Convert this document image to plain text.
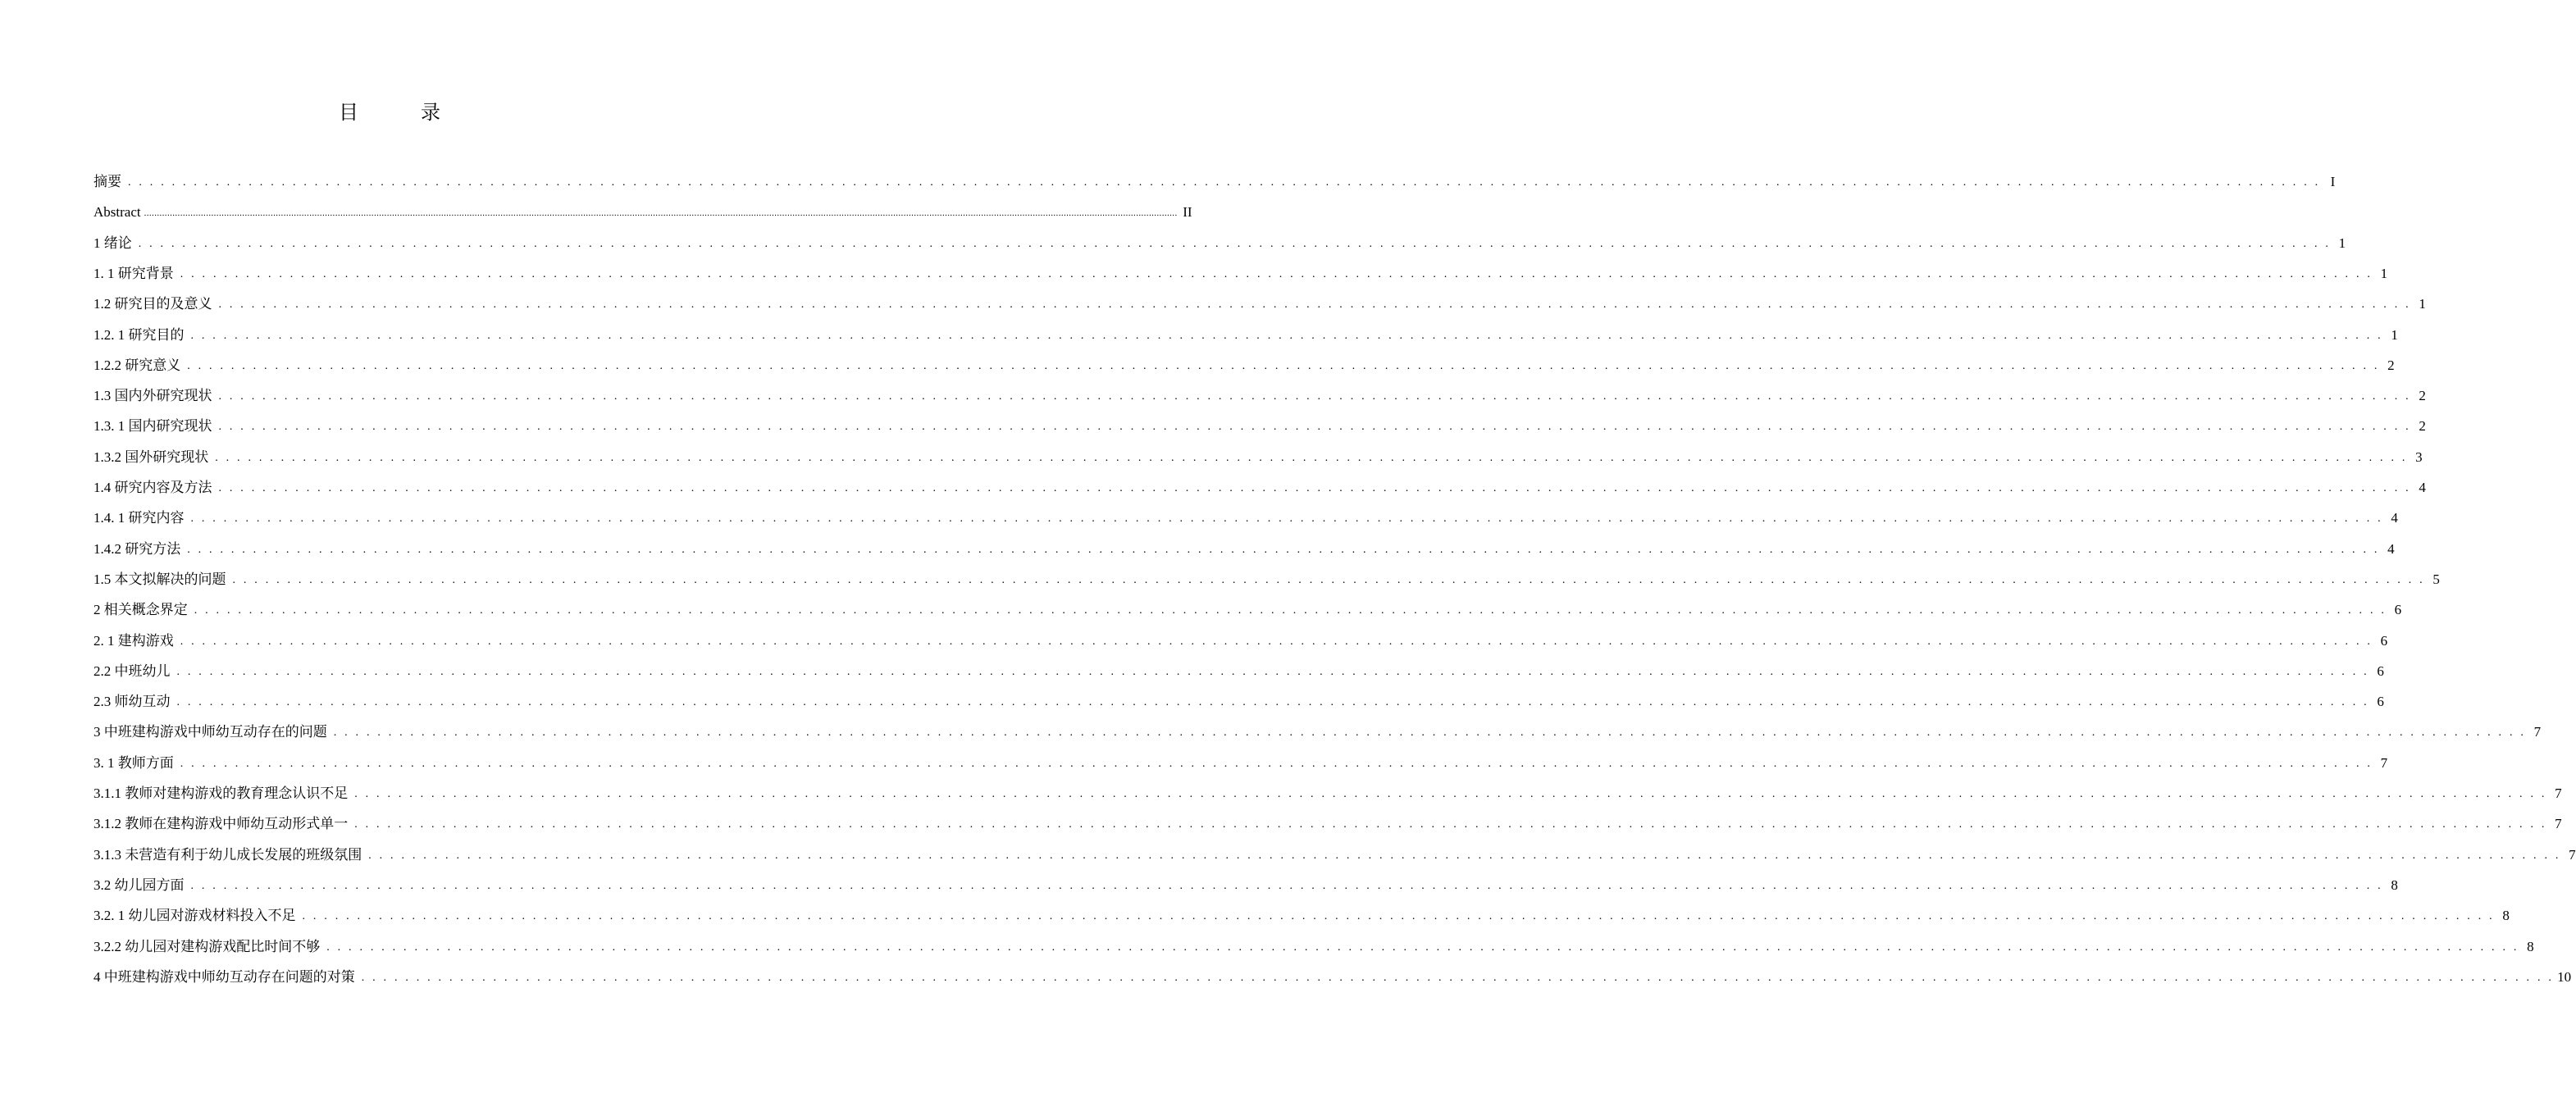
目　录
摘要 . . . . . . . . . . . . . . . . . . . . . . . . . . . . . . . . . . . . . . . . . . . . . . . . . . . . . . . . . . . . . . . . . . . . . . . . . . . . . . . . . . . . . . . . . . . . . . . . . . . . . . . . . . . . . . . . . . . . . . . . . . . . . . . . . . . . . . . . . . . . . . . . . . . . . . . . . . . . . . . . . . . . . . . . . . . . . . . . . . . . . . . . . . . . . . . . . . . . . . . . I
Abstract ................................................................................................................................................................................................................................................................................................................................................................................................................ II
1 绪论 . . . . . . . . . . . . . . . . . . . . . . . . . . . . . . . . . . . . . . . . . . . . . . . . . . . . . . . . . . . . . . . . . . . . . . . . . . . . . . . . . . . . . . . . . . . . . . . . . . . . . . . . . . . . . . . . . . . . . . . . . . . . . . . . . . . . . . . . . . . . . . . . . . . . . . . . . . . . . . . . . . . . . . . . . . . . . . . . . . . . . . . . . . . . . . . . . . . . . . . . 1
1. 1 研究背景 . . . . . . . . . . . . . . . . . . . . . . . . . . . . . . . . . . . . . . . . . . . . . . . . . . . . . . . . . . . . . . . . . . . . . . . . . . . . . . . . . . . . . . . . . . . . . . . . . . . . . . . . . . . . . . . . . . . . . . . . . . . . . . . . . . . . . . . . . . . . . . . . . . . . . . . . . . . . . . . . . . . . . . . . . . . . . . . . . . . . . . . . . . . . . . . . . . . . . . . . 1
1.2 研究目的及意义 . . . . . . . . . . . . . . . . . . . . . . . . . . . . . . . . . . . . . . . . . . . . . . . . . . . . . . . . . . . . . . . . . . . . . . . . . . . . . . . . . . . . . . . . . . . . . . . . . . . . . . . . . . . . . . . . . . . . . . . . . . . . . . . . . . . . . . . . . . . . . . . . . . . . . . . . . . . . . . . . . . . . . . . . . . . . . . . . . . . . . . . . . . . . . . . . . . . . . . . . 1
1.2. 1 研究目的 . . . . . . . . . . . . . . . . . . . . . . . . . . . . . . . . . . . . . . . . . . . . . . . . . . . . . . . . . . . . . . . . . . . . . . . . . . . . . . . . . . . . . . . . . . . . . . . . . . . . . . . . . . . . . . . . . . . . . . . . . . . . . . . . . . . . . . . . . . . . . . . . . . . . . . . . . . . . . . . . . . . . . . . . . . . . . . . . . . . . . . . . . . . . . . . . . . . . . . . . 1
1.2.2 研究意义 . . . . . . . . . . . . . . . . . . . . . . . . . . . . . . . . . . . . . . . . . . . . . . . . . . . . . . . . . . . . . . . . . . . . . . . . . . . . . . . . . . . . . . . . . . . . . . . . . . . . . . . . . . . . . . . . . . . . . . . . . . . . . . . . . . . . . . . . . . . . . . . . . . . . . . . . . . . . . . . . . . . . . . . . . . . . . . . . . . . . . . . . . . . . . . . . . . . . . . . . 2
1.3 国内外研究现状 . . . . . . . . . . . . . . . . . . . . . . . . . . . . . . . . . . . . . . . . . . . . . . . . . . . . . . . . . . . . . . . . . . . . . . . . . . . . . . . . . . . . . . . . . . . . . . . . . . . . . . . . . . . . . . . . . . . . . . . . . . . . . . . . . . . . . . . . . . . . . . . . . . . . . . . . . . . . . . . . . . . . . . . . . . . . . . . . . . . . . . . . . . . . . . . . . . . . . . . . 2
1.3. 1 国内研究现状 . . . . . . . . . . . . . . . . . . . . . . . . . . . . . . . . . . . . . . . . . . . . . . . . . . . . . . . . . . . . . . . . . . . . . . . . . . . . . . . . . . . . . . . . . . . . . . . . . . . . . . . . . . . . . . . . . . . . . . . . . . . . . . . . . . . . . . . . . . . . . . . . . . . . . . . . . . . . . . . . . . . . . . . . . . . . . . . . . . . . . . . . . . . . . . . . . . . . . . . . 2
1.3.2 国外研究现状 . . . . . . . . . . . . . . . . . . . . . . . . . . . . . . . . . . . . . . . . . . . . . . . . . . . . . . . . . . . . . . . . . . . . . . . . . . . . . . . . . . . . . . . . . . . . . . . . . . . . . . . . . . . . . . . . . . . . . . . . . . . . . . . . . . . . . . . . . . . . . . . . . . . . . . . . . . . . . . . . . . . . . . . . . . . . . . . . . . . . . . . . . . . . . . . . . . . . . . . . 3
1.4 研究内容及方法 . . . . . . . . . . . . . . . . . . . . . . . . . . . . . . . . . . . . . . . . . . . . . . . . . . . . . . . . . . . . . . . . . . . . . . . . . . . . . . . . . . . . . . . . . . . . . . . . . . . . . . . . . . . . . . . . . . . . . . . . . . . . . . . . . . . . . . . . . . . . . . . . . . . . . . . . . . . . . . . . . . . . . . . . . . . . . . . . . . . . . . . . . . . . . . . . . . . . . . . . 4
1.4. 1 研究内容 . . . . . . . . . . . . . . . . . . . . . . . . . . . . . . . . . . . . . . . . . . . . . . . . . . . . . . . . . . . . . . . . . . . . . . . . . . . . . . . . . . . . . . . . . . . . . . . . . . . . . . . . . . . . . . . . . . . . . . . . . . . . . . . . . . . . . . . . . . . . . . . . . . . . . . . . . . . . . . . . . . . . . . . . . . . . . . . . . . . . . . . . . . . . . . . . . . . . . . . . 4
1.4.2 研究方法 . . . . . . . . . . . . . . . . . . . . . . . . . . . . . . . . . . . . . . . . . . . . . . . . . . . . . . . . . . . . . . . . . . . . . . . . . . . . . . . . . . . . . . . . . . . . . . . . . . . . . . . . . . . . . . . . . . . . . . . . . . . . . . . . . . . . . . . . . . . . . . . . . . . . . . . . . . . . . . . . . . . . . . . . . . . . . . . . . . . . . . . . . . . . . . . . . . . . . . . . 4
1.5 本文拟解决的问题 . . . . . . . . . . . . . . . . . . . . . . . . . . . . . . . . . . . . . . . . . . . . . . . . . . . . . . . . . . . . . . . . . . . . . . . . . . . . . . . . . . . . . . . . . . . . . . . . . . . . . . . . . . . . . . . . . . . . . . . . . . . . . . . . . . . . . . . . . . . . . . . . . . . . . . . . . . . . . . . . . . . . . . . . . . . . . . . . . . . . . . . . . . . . . . . . . . . . . . . . 5
2 相关概念界定 . . . . . . . . . . . . . . . . . . . . . . . . . . . . . . . . . . . . . . . . . . . . . . . . . . . . . . . . . . . . . . . . . . . . . . . . . . . . . . . . . . . . . . . . . . . . . . . . . . . . . . . . . . . . . . . . . . . . . . . . . . . . . . . . . . . . . . . . . . . . . . . . . . . . . . . . . . . . . . . . . . . . . . . . . . . . . . . . . . . . . . . . . . . . . . . . . . . . . . . . 6
2. 1 建构游戏 . . . . . . . . . . . . . . . . . . . . . . . . . . . . . . . . . . . . . . . . . . . . . . . . . . . . . . . . . . . . . . . . . . . . . . . . . . . . . . . . . . . . . . . . . . . . . . . . . . . . . . . . . . . . . . . . . . . . . . . . . . . . . . . . . . . . . . . . . . . . . . . . . . . . . . . . . . . . . . . . . . . . . . . . . . . . . . . . . . . . . . . . . . . . . . . . . . . . . . . . 6
2.2 中班幼儿 . . . . . . . . . . . . . . . . . . . . . . . . . . . . . . . . . . . . . . . . . . . . . . . . . . . . . . . . . . . . . . . . . . . . . . . . . . . . . . . . . . . . . . . . . . . . . . . . . . . . . . . . . . . . . . . . . . . . . . . . . . . . . . . . . . . . . . . . . . . . . . . . . . . . . . . . . . . . . . . . . . . . . . . . . . . . . . . . . . . . . . . . . . . . . . . . . . . . . . . . 6
2.3 师幼互动 . . . . . . . . . . . . . . . . . . . . . . . . . . . . . . . . . . . . . . . . . . . . . . . . . . . . . . . . . . . . . . . . . . . . . . . . . . . . . . . . . . . . . . . . . . . . . . . . . . . . . . . . . . . . . . . . . . . . . . . . . . . . . . . . . . . . . . . . . . . . . . . . . . . . . . . . . . . . . . . . . . . . . . . . . . . . . . . . . . . . . . . . . . . . . . . . . . . . . . . . 6
3 中班建构游戏中师幼互动存在的问题 . . . . . . . . . . . . . . . . . . . . . . . . . . . . . . . . . . . . . . . . . . . . . . . . . . . . . . . . . . . . . . . . . . . . . . . . . . . . . . . . . . . . . . . . . . . . . . . . . . . . . . . . . . . . . . . . . . . . . . . . . . . . . . . . . . . . . . . . . . . . . . . . . . . . . . . . . . . . . . . . . . . . . . . . . . . . . . . . . . . . . . . . . . . . . . . . . . . . . . . . 7
3. 1 教师方面 . . . . . . . . . . . . . . . . . . . . . . . . . . . . . . . . . . . . . . . . . . . . . . . . . . . . . . . . . . . . . . . . . . . . . . . . . . . . . . . . . . . . . . . . . . . . . . . . . . . . . . . . . . . . . . . . . . . . . . . . . . . . . . . . . . . . . . . . . . . . . . . . . . . . . . . . . . . . . . . . . . . . . . . . . . . . . . . . . . . . . . . . . . . . . . . . . . . . . . . . 7
3.1.1 教师对建构游戏的教育理念认识不足 . . . . . . . . . . . . . . . . . . . . . . . . . . . . . . . . . . . . . . . . . . . . . . . . . . . . . . . . . . . . . . . . . . . . . . . . . . . . . . . . . . . . . . . . . . . . . . . . . . . . . . . . . . . . . . . . . . . . . . . . . . . . . . . . . . . . . . . . . . . . . . . . . . . . . . . . . . . . . . . . . . . . . . . . . . . . . . . . . . . . . . . . . . . . . . . . . . . . . . . . 7
3.1.2 教师在建构游戏中师幼互动形式单一 . . . . . . . . . . . . . . . . . . . . . . . . . . . . . . . . . . . . . . . . . . . . . . . . . . . . . . . . . . . . . . . . . . . . . . . . . . . . . . . . . . . . . . . . . . . . . . . . . . . . . . . . . . . . . . . . . . . . . . . . . . . . . . . . . . . . . . . . . . . . . . . . . . . . . . . . . . . . . . . . . . . . . . . . . . . . . . . . . . . . . . . . . . . . . . . . . . . . . . . . 7
3.1.3 未营造有利于幼儿成长发展的班级氛围 . . . . . . . . . . . . . . . . . . . . . . . . . . . . . . . . . . . . . . . . . . . . . . . . . . . . . . . . . . . . . . . . . . . . . . . . . . . . . . . . . . . . . . . . . . . . . . . . . . . . . . . . . . . . . . . . . . . . . . . . . . . . . . . . . . . . . . . . . . . . . . . . . . . . . . . . . . . . . . . . . . . . . . . . . . . . . . . . . . . . . . . . . . . . . . . . . . . . . . . . 7
3.2 幼儿园方面 . . . . . . . . . . . . . . . . . . . . . . . . . . . . . . . . . . . . . . . . . . . . . . . . . . . . . . . . . . . . . . . . . . . . . . . . . . . . . . . . . . . . . . . . . . . . . . . . . . . . . . . . . . . . . . . . . . . . . . . . . . . . . . . . . . . . . . . . . . . . . . . . . . . . . . . . . . . . . . . . . . . . . . . . . . . . . . . . . . . . . . . . . . . . . . . . . . . . . . . . 8
3.2. 1 幼儿园对游戏材料投入不足 . . . . . . . . . . . . . . . . . . . . . . . . . . . . . . . . . . . . . . . . . . . . . . . . . . . . . . . . . . . . . . . . . . . . . . . . . . . . . . . . . . . . . . . . . . . . . . . . . . . . . . . . . . . . . . . . . . . . . . . . . . . . . . . . . . . . . . . . . . . . . . . . . . . . . . . . . . . . . . . . . . . . . . . . . . . . . . . . . . . . . . . . . . . . . . . . . . . . . . . . 8
3.2.2 幼儿园对建构游戏配比时间不够 . . . . . . . . . . . . . . . . . . . . . . . . . . . . . . . . . . . . . . . . . . . . . . . . . . . . . . . . . . . . . . . . . . . . . . . . . . . . . . . . . . . . . . . . . . . . . . . . . . . . . . . . . . . . . . . . . . . . . . . . . . . . . . . . . . . . . . . . . . . . . . . . . . . . . . . . . . . . . . . . . . . . . . . . . . . . . . . . . . . . . . . . . . . . . . . . . . . . . . . . 8
4 中班建构游戏中师幼互动存在问题的对策 . . . . . . . . . . . . . . . . . . . . . . . . . . . . . . . . . . . . . . . . . . . . . . . . . . . . . . . . . . . . . . . . . . . . . . . . . . . . . . . . . . . . . . . . . . . . . . . . . . . . . . . . . . . . . . . . . . . . . . . . . . . . . . . . . . . . . . . . . . . . . . . . . . . . . . . . . . . . . . . . . . . . . . . . . . . . . . . . . . . . . . . . . . . . . . . . . . . . . . . . 10
